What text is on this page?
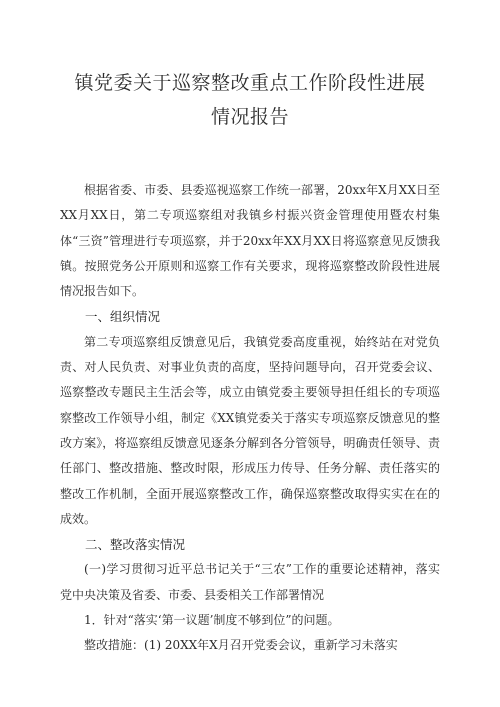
镇党委关于巡察整改重点工作阶段性进展
情况报告

根据省委、市委、县委巡视巡察工作统一部署，20xx年X月XX日至XX月XX日，第二专项巡察组对我镇乡村振兴资金管理使用暨农村集体“三资”管理进行专项巡察，并于20xx年XX月XX日将巡察意见反馈我镇。按照党务公开原则和巡察工作有关要求，现将巡察整改阶段性进展情况报告如下。

一、组织情况

第二专项巡察组反馈意见后，我镇党委高度重视，始终站在对党负责、对人民负责、对事业负责的高度，坚持问题导向，召开党委会议、巡察整改专题民主生活会等，成立由镇党委主要领导担任组长的专项巡察整改工作领导小组，制定《XX镇党委关于落实专项巡察反馈意见的整改方案》，将巡察组反馈意见逐条分解到各分管领导，明确责任领导、责任部门、整改措施、整改时限，形成压力传导、任务分解、责任落实的整改工作机制，全面开展巡察整改工作，确保巡察整改取得实实在在的成效。

二、整改落实情况

(一)学习贯彻习近平总书记关于“三农”工作的重要论述精神，落实党中央决策及省委、市委、县委相关工作部署情况

1．针对“落实‘第一议题’制度不够到位”的问题。

整改措施：(1) 20XX年X月召开党委会议，重新学习未落实
